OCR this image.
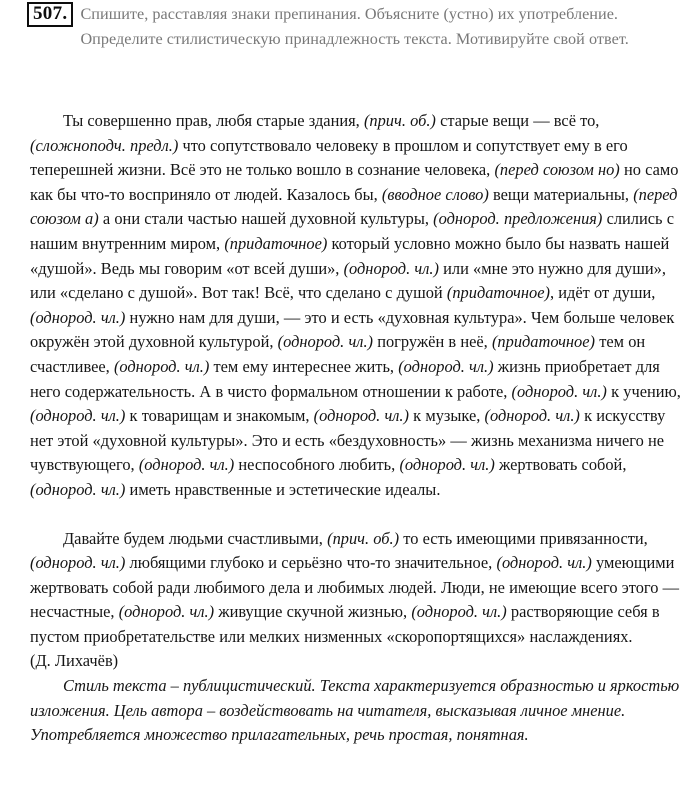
507. Спишите, расставляя знаки препинания. Объясните (устно) их употребление. Определите стилистическую принадлежность текста. Мотивируйте свой ответ.

Ты совершенно прав, любя старые здания, (прич. об.) старые вещи — всё то, (сложноподч. предл.) что сопутствовало человеку в прошлом и сопутствует ему в его теперешней жизни. Всё это не только вошло в сознание человека, (перед союзом но) но само как бы что-то восприняло от людей. Казалось бы, (вводное слово) вещи материальны, (перед союзом а) а они стали частью нашей духовной культуры, (однород. предложения) слились с нашим внутренним миром, (придаточное) который условно можно было бы назвать нашей «душой». Ведь мы говорим «от всей души», (однород. чл.) или «мне это нужно для души», или «сделано с душой». Вот так! Всё, что сделано с душой (придаточное), идёт от души, (однород. чл.) нужно нам для души, — это и есть «духовная культура». Чем больше человек окружён этой духовной культурой, (однород. чл.) погружён в неё, (придаточное) тем он счастливее, (однород. чл.) тем ему интереснее жить, (однород. чл.) жизнь приобретает для него содержательность. А в чисто формальном отношении к работе, (однород. чл.) к учению, (однород. чл.) к товарищам и знакомым, (однород. чл.) к музыке, (однород. чл.) к искусству нет этой «духовной культуры». Это и есть «бездуховность» — жизнь механизма ничего не чувствующего, (однород. чл.) неспособного любить, (однород. чл.) жертвовать собой, (однород. чл.) иметь нравственные и эстетические идеалы.

Давайте будем людьми счастливыми, (прич. об.) то есть имеющими привязанности, (однород. чл.) любящими глубоко и серьёзно что-то значительное, (однород. чл.) умеющими жертвовать собой ради любимого дела и любимых людей. Люди, не имеющие всего этого — несчастные, (однород. чл.) живущие скучной жизнью, (однород. чл.) растворяющие себя в пустом приобретательстве или мелких низменных «скоропортящихся» наслаждениях.

(Д. Лихачёв)

Стиль текста – публицистический. Текста характеризуется образностью и яркостью изложения. Цель автора – воздействовать на читателя, высказывая личное мнение. Употребляется множество прилагательных, речь простая, понятная.
